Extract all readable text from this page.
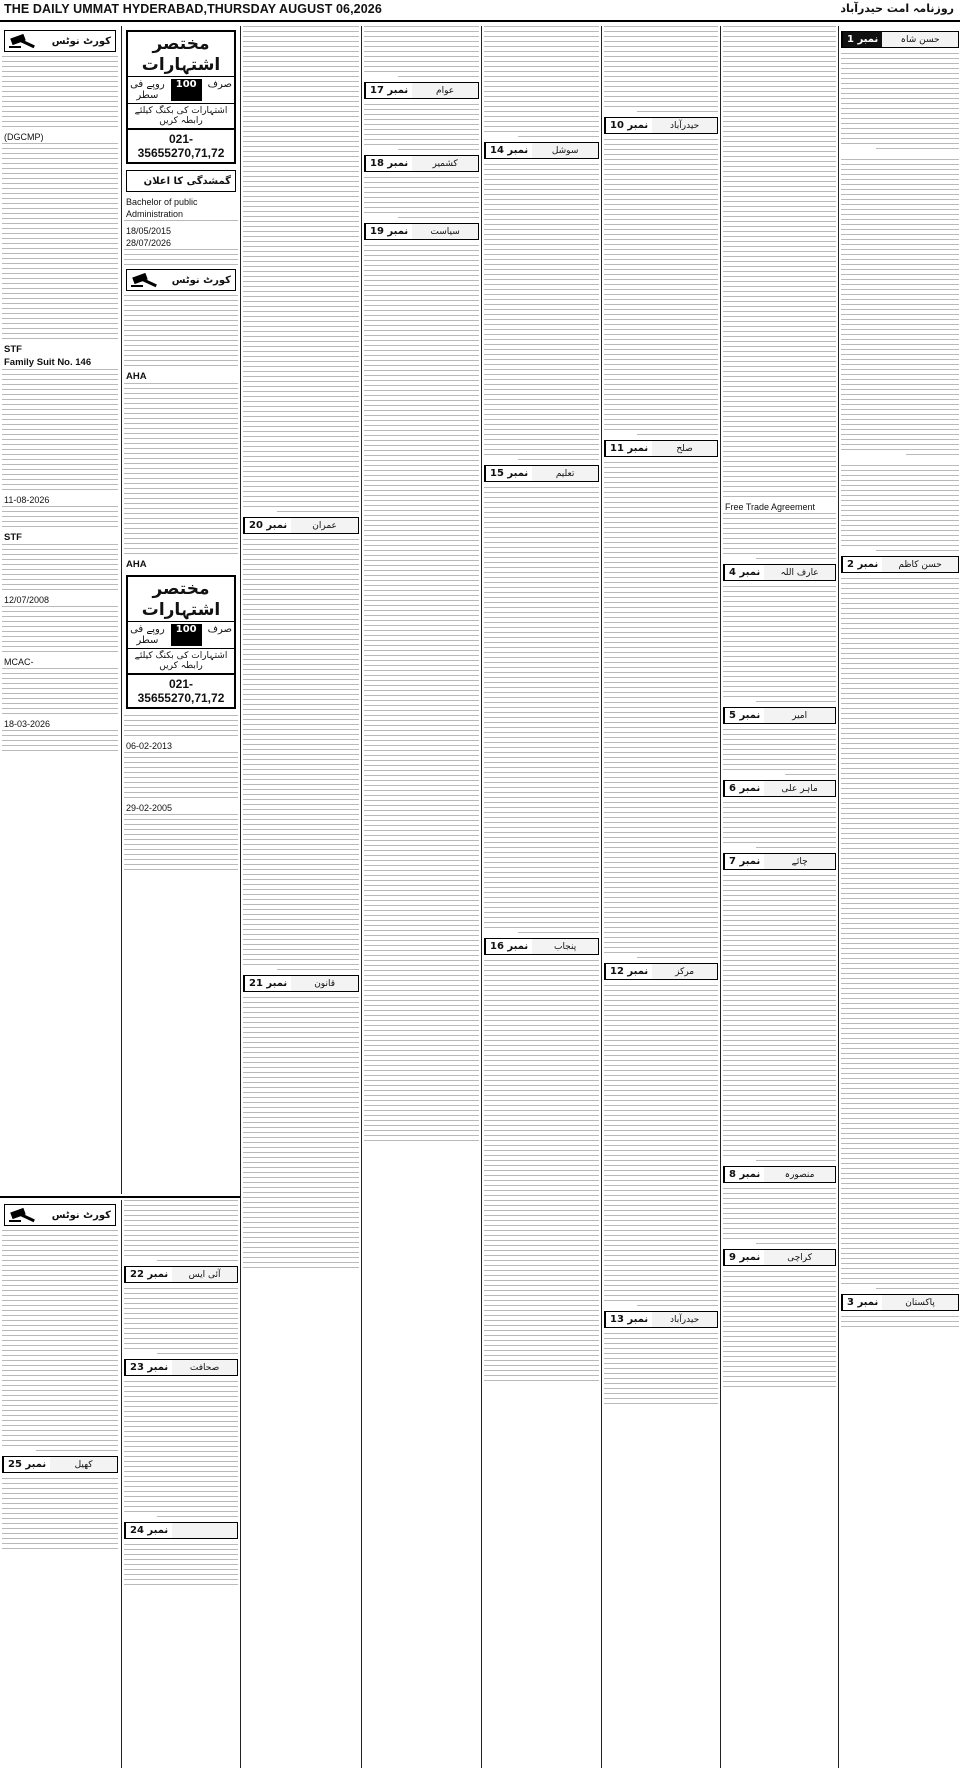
THE DAILY UMMAT HYDERABAD,THURSDAY AUGUST 06,2026	روزنامہ امت حیدرآباد
نمبر

1	حسن شاہ
نمبر

2	حسن کاظم
نمبر

3	پاکستان
Free Trade Agreement
نمبر

4	عارف اللہ
نمبر

5	امیر
نمبر

6	ماہر علی
نمبر

7	چائے
نمبر

8	منصورہ
نمبر

9	کراچی
نمبر

10	حیدرآباد
نمبر

11	صلح
نمبر

12	مرکز
نمبر

13	حیدرآباد
نمبر

14	سوشل
نمبر

15	تعلیم
نمبر

16	پنجاب
نمبر

17	عوام
نمبر

18	کشمیر
نمبر

19	سیاست
نمبر

20	عمران
نمبر

21	قانون
مختصر اشتہارات
صرف
100
روپے فی سطر
اشتہارات کی بکنگ کیلئے رابطہ کریں
021-35655270,71,72
گمشدگی کا اعلان
Bachelor of public
Administration
18/05/2015
28/07/2026
کورٹ نوٹس
AHA
AHA
مختصر اشتہارات
صرف
100
روپے فی سطر
اشتہارات کی بکنگ کیلئے رابطہ کریں
021-35655270,71,72
06-02-2013
29-02-2005
کورٹ نوٹس
(DGCMP)
STF
Family Suit No. 146
11-08-2026
STF
12/07/2008
MCAC-
18-03-2026
نمبر

22	آئی ایس
نمبر

23	صحافت
نمبر

24
کورٹ نوٹس
نمبر

25	کھیل
